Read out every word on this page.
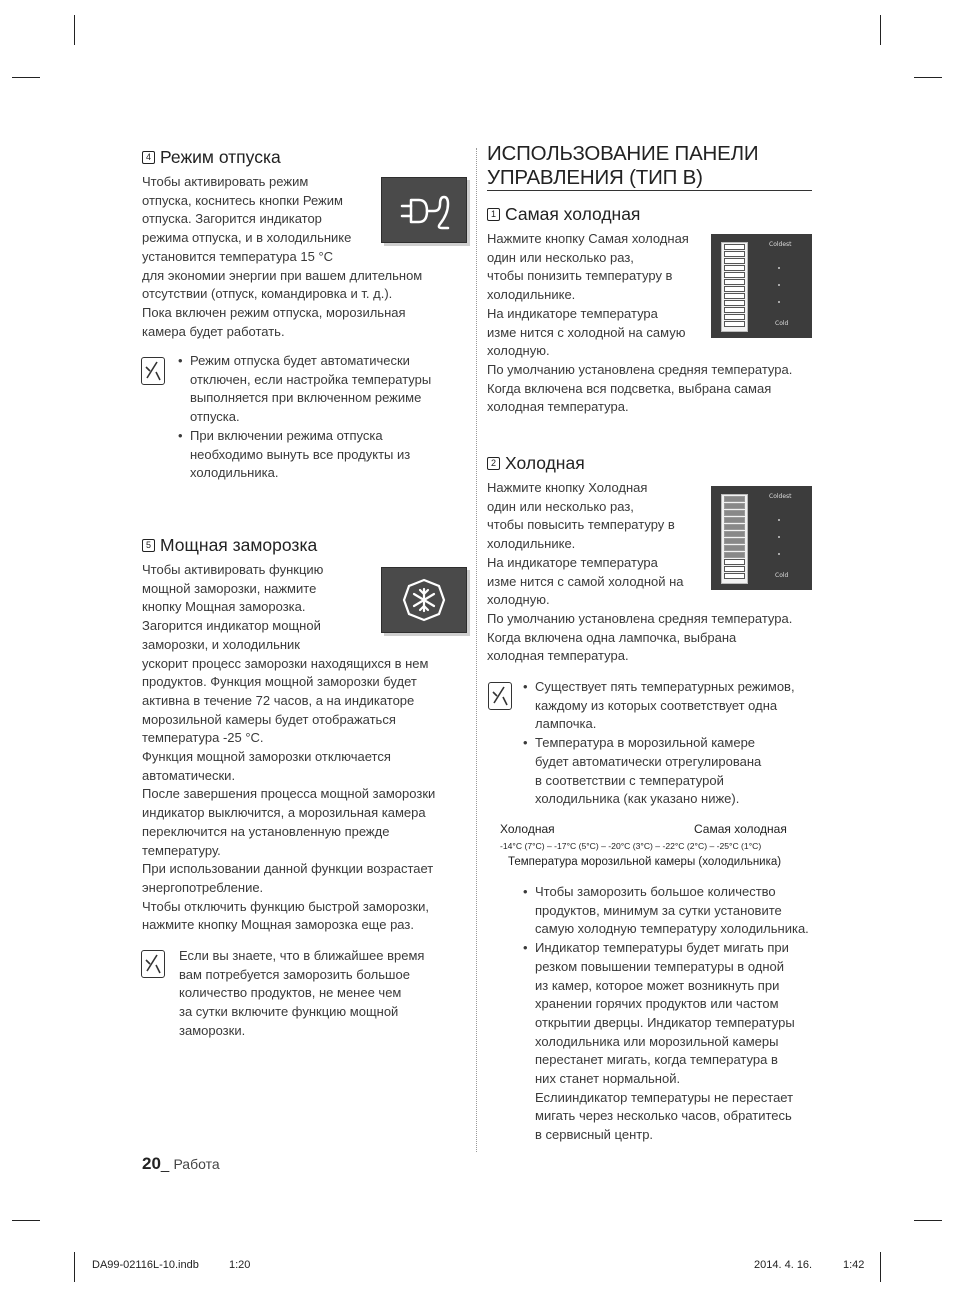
4 Режим отпуска
Чтобы активировать режим
отпуска, коснитесь кнопки Режим
отпуска. Загорится индикатор
режима отпуска, и в холодильнике
установится температура 15 °C
для экономии энергии при вашем длительном
отсутствии (отпуск, командировка и т. д.).
Пока включен режим отпуска, морозильная
камера будет работать.
• Режим отпуска будет автоматически
отключен, если настройка температуры
выполняется при включенном режиме
отпуска.
• При включении режима отпуска
необходимо вынуть все продукты из
холодильника.
5 Мощная заморозка
Чтобы активировать функцию
мощной заморозки, нажмите
кнопку Мощная заморозка.
Загорится индикатор мощной
заморозки, и холодильник
ускорит процесс заморозки находящихся в нем
продуктов. Функция мощной заморозки будет
активна в течение 72 часов, а на индикаторе
морозильной камеры будет отображаться
температура -25 °C.
Функция мощной заморозки отключается
автоматически.
После завершения процесса мощной заморозки
индикатор выключится, а морозильная камера
переключится на установленную прежде
температуру.
При использовании данной функции возрастает
энергопотребление.
Чтобы отключить функцию быстрой заморозки,
нажмите кнопку Мощная заморозка еще раз.
Если вы знаете, что в ближайшее время
вам потребуется заморозить большое
количество продуктов, не менее чем
за сутки включите функцию мощной
заморозки.
ИСПОЛЬЗОВАНИЕ ПАНЕЛИ
УПРАВЛЕНИЯ (ТИП B)
1 Самая холодная
Нажмите кнопку Самая холодная
один или несколько раз,
чтобы понизить температуру в
холодильнике.
На индикаторе температура
изме нится с холодной на самую
холодную.
По умолчанию установлена средняя температура.
Когда включена вся подсветка, выбрана самая
холодная температура.
Coldest
Cold
2 Холодная
Нажмите кнопку Холодная
один или несколько раз,
чтобы повысить температуру в
холодильнике.
На индикаторе температура
изме нится с самой холодной на
холодную.
По умолчанию установлена средняя температура.
Когда включена одна лампочка, выбрана
холодная температура.
Coldest
Cold
• Существует пять температурных режимов,
каждому из которых соответствует одна
лампочка.
• Температура в морозильной камере
будет автоматически отрегулирована
в соответствии с температурой
холодильника (как указано ниже).
Холодная	Самая холодная
-14°C (7°C) – -17°C (5°C) – -20°C (3°C) – -22°C (2°C) – -25°C (1°C)
Температура морозильной камеры (холодильника)
• Чтобы заморозить большое количество
продуктов, минимум за сутки установите
самую холодную температуру холодильника.
• Индикатор температуры будет мигать при
резком повышении температуры в одной
из камер, которое может возникнуть при
хранении горячих продуктов или частом
открытии дверцы. Индикатор температуры
холодильника или морозильной камеры
перестанет мигать, когда температура в
них станет нормальной.
Еслииндикатор температуры не перестает
мигать через несколько часов, обратитесь
в сервисный центр.
20_ Работа
DA99-02116L-10.indb	1:20	2014. 4. 16.	1:42
